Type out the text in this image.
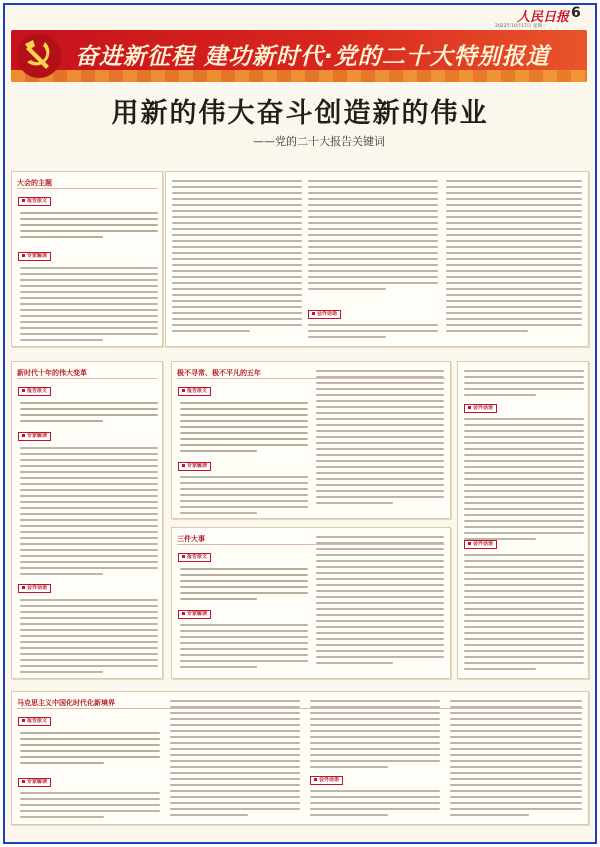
人民日报 6
2022年10月17日 星期一
奋进新征程 建功新时代·党的二十大特别报道
用新的伟大奋斗创造新的伟业
——党的二十大报告关键词
大会的主题
报告原文
专家解读
会外话语
新时代十年的伟大变革
报告原文
专家解读
会外话语
极不寻常、极不平凡的五年
报告原文
专家解读
会外话语
会外话语
三件大事
报告原文
专家解读
马克思主义中国化时代化新境界
报告原文
专家解读	会外话语
